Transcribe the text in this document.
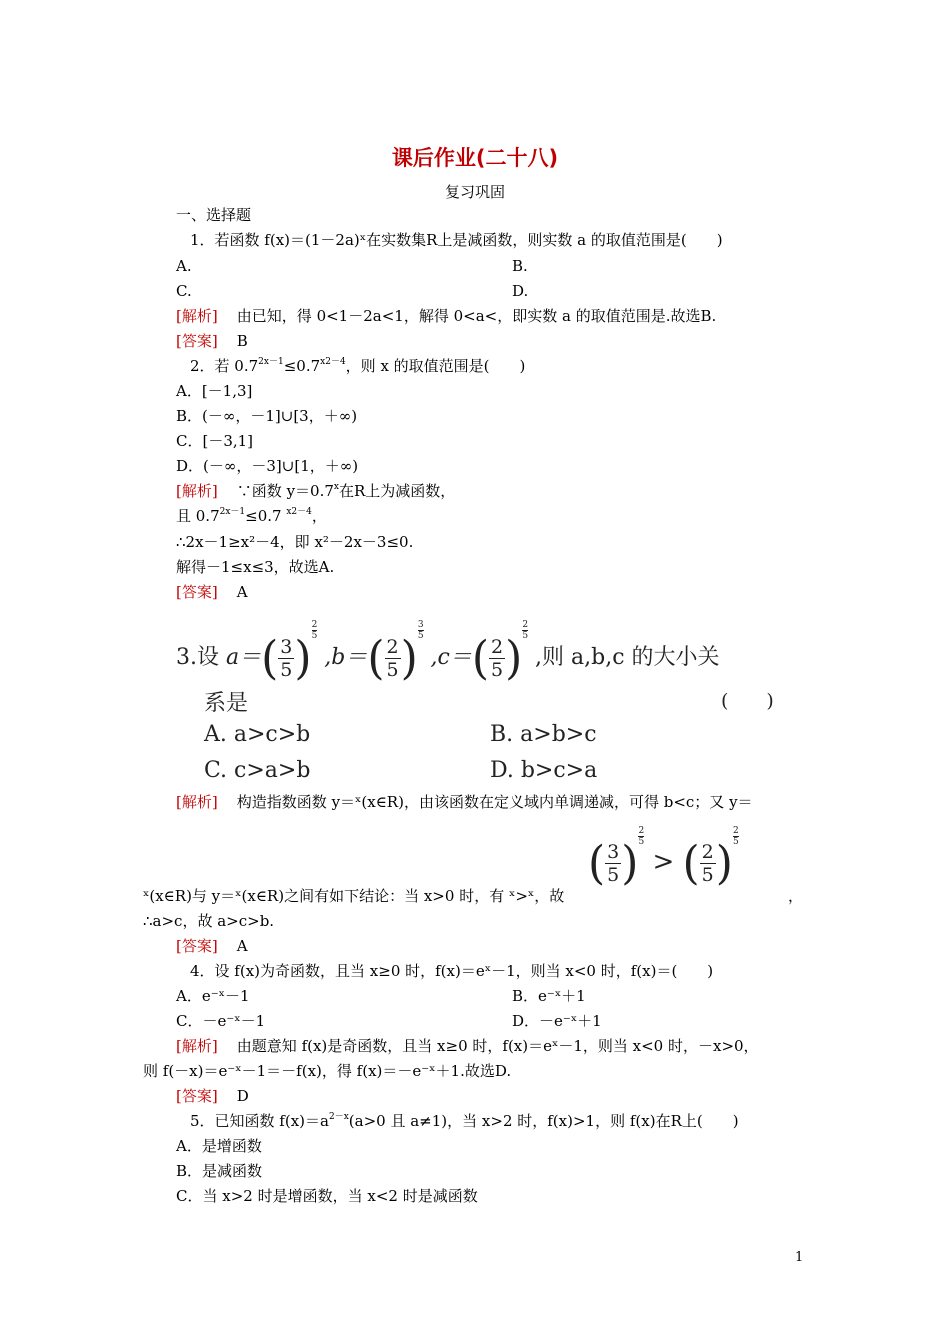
课后作业(二十八)
复习巩固
一、选择题
1．若函数 f(x)＝(1－2a)ˣ在实数集R上是减函数，则实数 a 的取值范围是(　　)
A.	B.
C.	D.
[解析] 由已知，得 0<1－2a<1，解得 0<a<，即实数 a 的取值范围是.故选B.
[答案] B
2．若 $0.7^{2x-1}\le 0.7^{x2-4}$，则 x 的取值范围是(　　)
A．[－1,3]
B．(－∞，－1]∪[3，＋∞)
C．[－3,1]
D．(－∞，－3]∪[1，＋∞)
[解析] ∵函数 $y=0.7^x$在R上为减函数，
且 $0.7^{2x-1}\le 0.7$ $^{x2-4}$，
∴2x－1≥x²－4，即 x²－2x－3≤0.
解得－1≤x≤3，故选A.
[答案] A
3.设 $a=( \frac{3}{5}$ )
$\frac{2}{5} ,b=( \frac{2}{5}$ )
$\frac{3}{5} ,c=( \frac{2}{5}$ )
$\frac{2}{5}$ ,则 a,b,c 的大小关
系是	(　　)
A. a>c>b	B. a>b>c
C. c>a>b	D. b>c>a
[解析] 构造指数函数 y＝ˣ(x∈R)，由该函数在定义域内单调递减，可得 b<c；又 y＝
( $\frac{3}{5}$ ) $\frac{2}{5}$ > ( $\frac{2}{5}$ ) $\frac{2}{5}$
ˣ(x∈R)与 y＝ˣ(x∈R)之间有如下结论：当 x>0 时，有 ˣ>ˣ，故	，
∴a>c，故 a>c>b.
[答案] A
4．设 f(x)为奇函数，且当 x≥0 时，f(x)＝eˣ－1，则当 x<0 时，f(x)＝(　　)
A．e⁻ˣ－1	B．e⁻ˣ＋1
C．－e⁻ˣ－1	D．－e⁻ˣ＋1
[解析] 由题意知 f(x)是奇函数，且当 x≥0 时，f(x)＝eˣ－1，则当 x<0 时，－x>0，
则 f(－x)＝e⁻ˣ－1＝－f(x)，得 f(x)＝－e⁻ˣ＋1.故选D.
[答案] D
5．已知函数 $f(x)=a^{2-x}(a>0$ 且 a≠1)，当 x>2 时，f(x)>1，则 f(x)在R上(　　)
A．是增函数
B．是减函数
C．当 x>2 时是增函数，当 x<2 时是减函数
1
